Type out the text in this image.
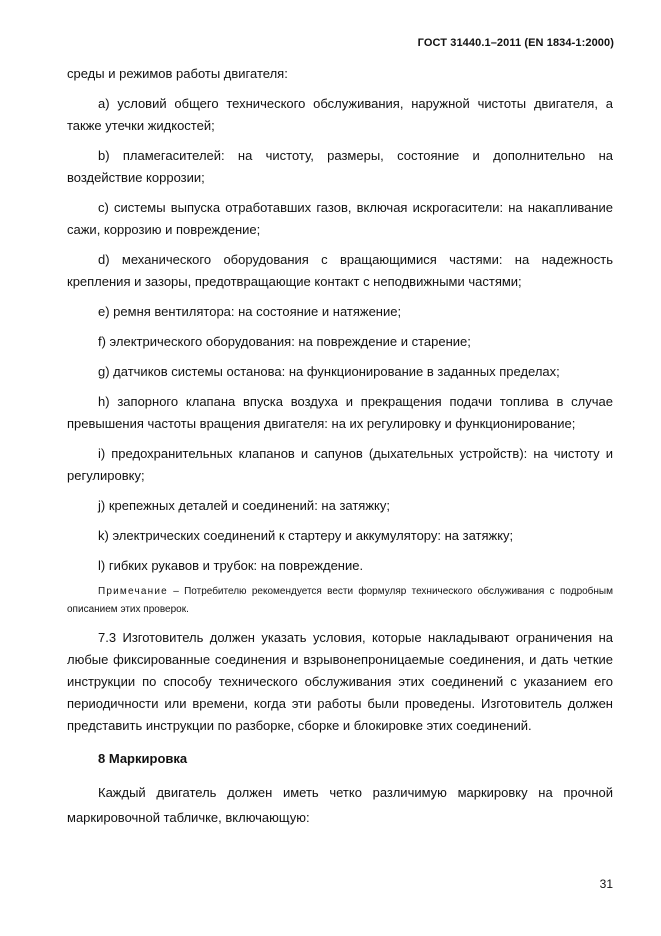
ГОСТ 31440.1–2011 (EN 1834-1:2000)

среды и режимов работы двигателя:

a) условий общего технического обслуживания, наружной чистоты двигателя, а также утечки жидкостей;

b) пламегасителей: на чистоту, размеры, состояние и дополнительно на воздействие коррозии;

c) системы выпуска отработавших газов, включая искрогасители: на накапливание сажи, коррозию и повреждение;

d) механического оборудования с вращающимися частями: на надежность крепления и зазоры, предотвращающие контакт с неподвижными частями;

e) ремня вентилятора: на состояние и натяжение;

f) электрического оборудования: на повреждение и старение;

g) датчиков системы останова: на функционирование в заданных пределах;

h) запорного клапана впуска воздуха и прекращения подачи топлива в случае превышения частоты вращения двигателя: на их регулировку и функционирование;

i) предохранительных клапанов и сапунов (дыхательных устройств): на чистоту и регулировку;

j) крепежных деталей и соединений: на затяжку;

k) электрических соединений к стартеру и аккумулятору: на затяжку;

l) гибких рукавов и трубок: на повреждение.

Примечание – Потребителю рекомендуется вести формуляр технического обслуживания с подробным описанием этих проверок.

7.3 Изготовитель должен указать условия, которые накладывают ограничения на любые фиксированные соединения и взрывонепроницаемые соединения, и дать четкие инструкции по способу технического обслуживания этих соединений с указанием его периодичности или времени, когда эти работы были проведены. Изготовитель должен представить инструкции по разборке, сборке и блокировке этих соединений.

8 Маркировка

Каждый двигатель должен иметь четко различимую маркировку на прочной маркировочной табличке, включающую:

31
